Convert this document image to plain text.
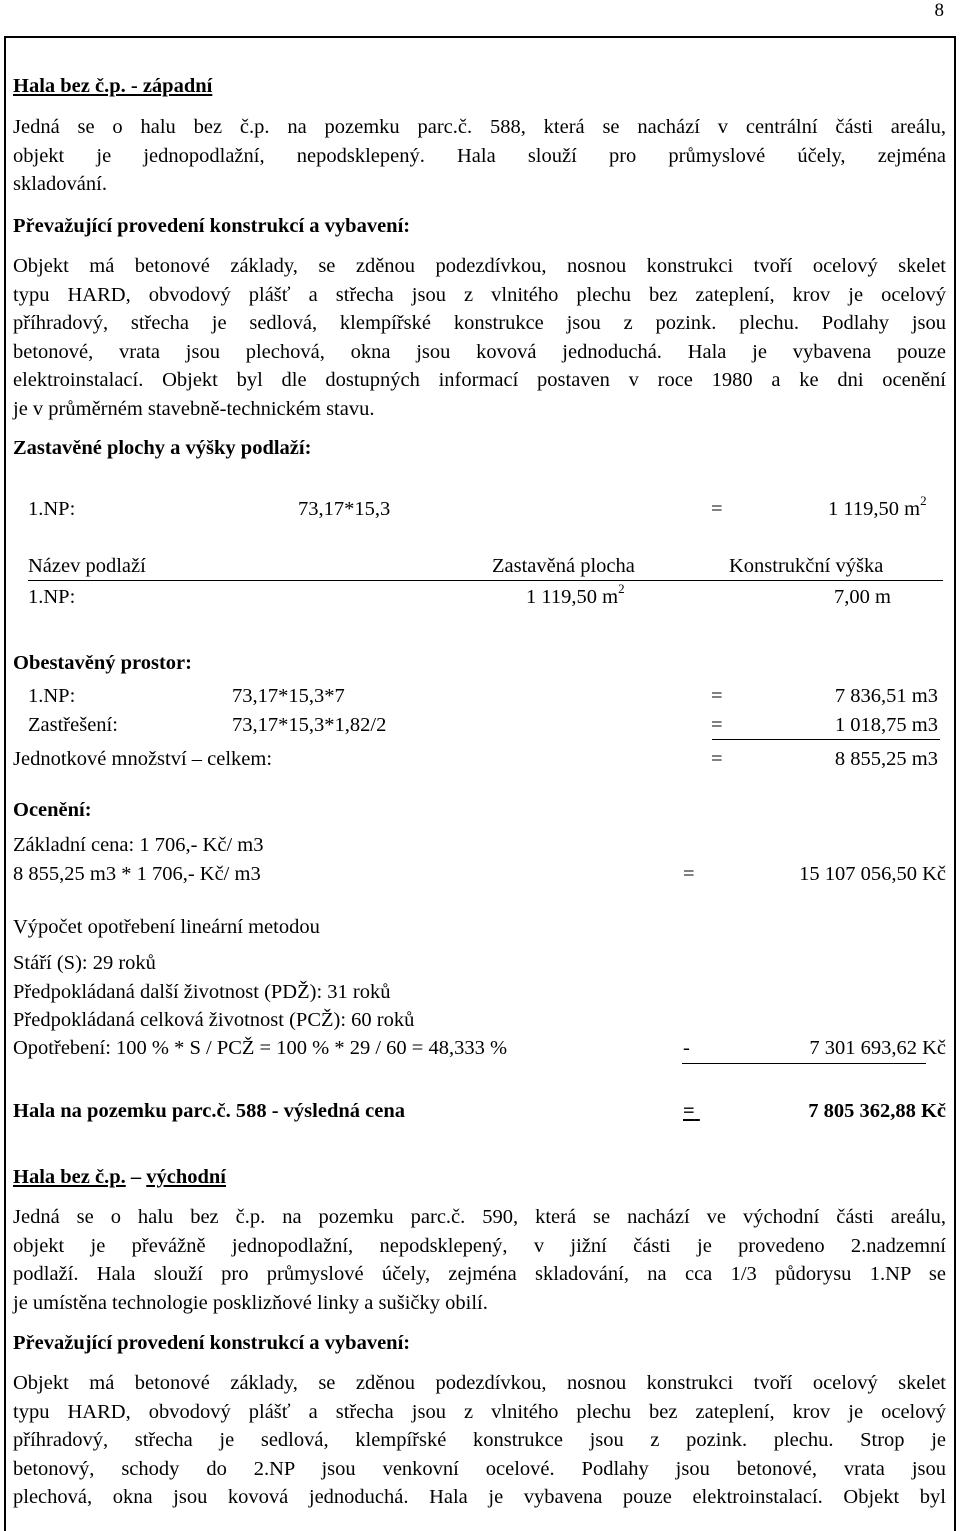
8
Hala bez č.p. - západní

Jedná se o halu bez č.p. na pozemku parc.č. 588, která se nachází v centrální části areálu,

objekt je jednopodlažní, nepodsklepený. Hala slouží pro průmyslové účely, zejména

skladování.

Převažující provedení konstrukcí a vybavení:

Objekt má betonové základy, se zděnou podezdívkou, nosnou konstrukci tvoří ocelový skelet

typu HARD, obvodový plášť a střecha jsou z vlnitého plechu bez zateplení, krov je ocelový

příhradový, střecha je sedlová, klempířské konstrukce jsou z pozink. plechu. Podlahy jsou

betonové, vrata jsou plechová, okna jsou kovová jednoduchá. Hala je vybavena pouze

elektroinstalací. Objekt byl dle dostupných informací postaven v roce 1980 a ke dni ocenění

je v průměrném stavebně-technickém stavu.

Zastavěné plochy a výšky podlaží:
1.NP:	73,17*15,3	=	1 119,50 $m^2$
Název podlaží	Zastavěná plocha	Konstrukční výška
1.NP:	1 119,50 $m^2$	7,00 m
Obestavěný prostor:
1.NP:	73,17*15,3*7	=	7 836,51 m3
Zastřešení:	73,17*15,3*1,82/2	=	1 018,75 m3
Jednotkové množství – celkem:	=	8 855,25 m3
Ocenění:
Základní cena: 1 706,- Kč/ m3
8 855,25 m3 * 1 706,- Kč/ m3	=	15 107 056,50 Kč
Výpočet opotřebení lineární metodou
Stáří (S): 29 roků
Předpokládaná další životnost (PDŽ): 31 roků
Předpokládaná celková životnost (PCŽ): 60 roků
Opotřebení: 100 % * S / PCŽ = 100 % * 29 / 60 = 48,333 %	-	7 301 693,62 Kč
Hala na pozemku parc.č. 588 - výsledná cena	=	7 805 362,88 Kč
Hala bez č.p. – východní

Jedná se o halu bez č.p. na pozemku parc.č. 590, která se nachází ve východní části areálu,

objekt je převážně jednopodlažní, nepodsklepený, v jižní části je provedeno 2.nadzemní

podlaží. Hala slouží pro průmyslové účely, zejména skladování, na cca 1/3 půdorysu 1.NP se

je umístěna technologie posklizňové linky a sušičky obilí.

Převažující provedení konstrukcí a vybavení:

Objekt má betonové základy, se zděnou podezdívkou, nosnou konstrukci tvoří ocelový skelet

typu HARD, obvodový plášť a střecha jsou z vlnitého plechu bez zateplení, krov je ocelový

příhradový, střecha je sedlová, klempířské konstrukce jsou z pozink. plechu. Strop je

betonový, schody do 2.NP jsou venkovní ocelové. Podlahy jsou betonové, vrata jsou

plechová, okna jsou kovová jednoduchá. Hala je vybavena pouze elektroinstalací. Objekt byl
